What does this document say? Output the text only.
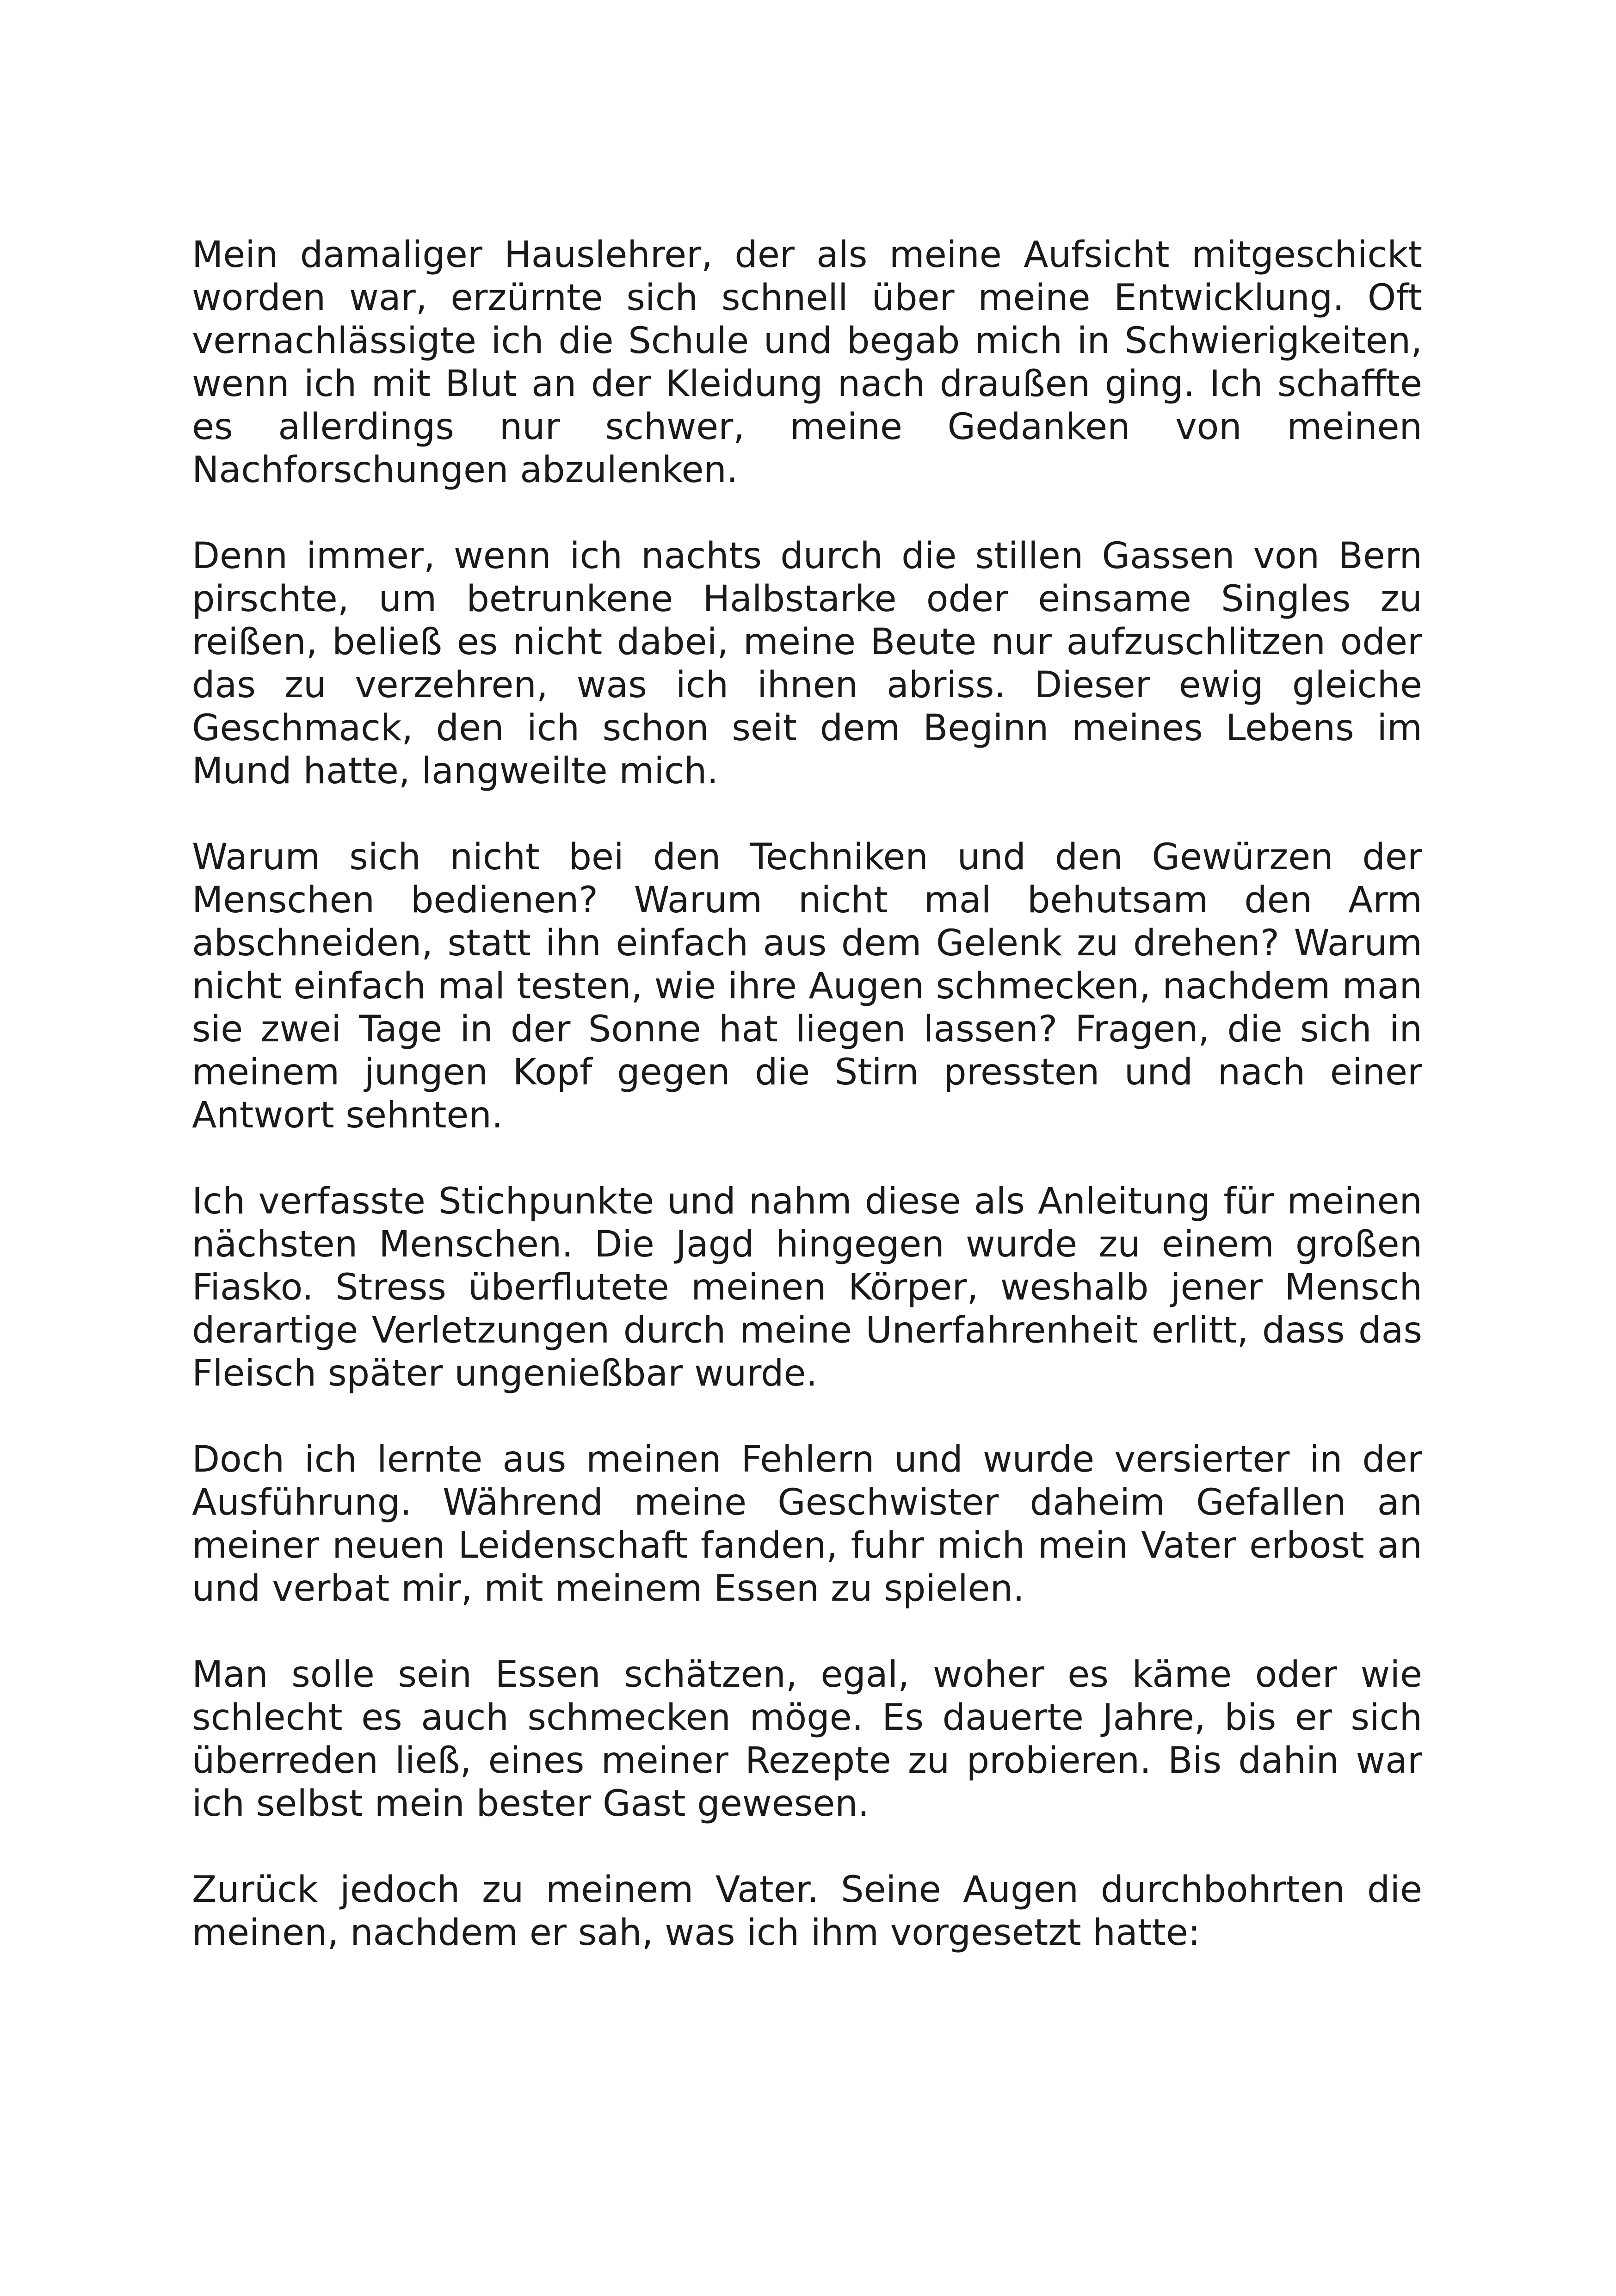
Mein damaliger Hauslehrer, der als meine Aufsicht mitgeschickt worden war, erzürnte sich schnell über meine Entwicklung. Oft vernachlässigte ich die Schule und begab mich in Schwierigkeiten, wenn ich mit Blut an der Kleidung nach draußen ging. Ich schaffte es allerdings nur schwer, meine Gedanken von meinen Nachforschungen abzulenken.

Denn immer, wenn ich nachts durch die stillen Gassen von Bern pirschte, um betrunkene Halbstarke oder einsame Singles zu reißen, beließ es nicht dabei, meine Beute nur aufzuschlitzen oder das zu verzehren, was ich ihnen abriss. Dieser ewig gleiche Geschmack, den ich schon seit dem Beginn meines Lebens im Mund hatte, langweilte mich.

Warum sich nicht bei den Techniken und den Gewürzen der Menschen bedienen? Warum nicht mal behutsam den Arm abschneiden, statt ihn einfach aus dem Gelenk zu drehen? Warum nicht einfach mal testen, wie ihre Augen schmecken, nachdem man sie zwei Tage in der Sonne hat liegen lassen? Fragen, die sich in meinem jungen Kopf gegen die Stirn pressten und nach einer Antwort sehnten.

Ich verfasste Stichpunkte und nahm diese als Anleitung für meinen nächsten Menschen. Die Jagd hingegen wurde zu einem großen Fiasko. Stress überflutete meinen Körper, weshalb jener Mensch derartige Verletzungen durch meine Unerfahrenheit erlitt, dass das Fleisch später ungenießbar wurde.

Doch ich lernte aus meinen Fehlern und wurde versierter in der Ausführung. Während meine Geschwister daheim Gefallen an meiner neuen Leidenschaft fanden, fuhr mich mein Vater erbost an und verbat mir, mit meinem Essen zu spielen.

Man solle sein Essen schätzen, egal, woher es käme oder wie schlecht es auch schmecken möge. Es dauerte Jahre, bis er sich überreden ließ, eines meiner Rezepte zu probieren. Bis dahin war ich selbst mein bester Gast gewesen.

Zurück jedoch zu meinem Vater. Seine Augen durchbohrten die meinen, nachdem er sah, was ich ihm vorgesetzt hatte:
